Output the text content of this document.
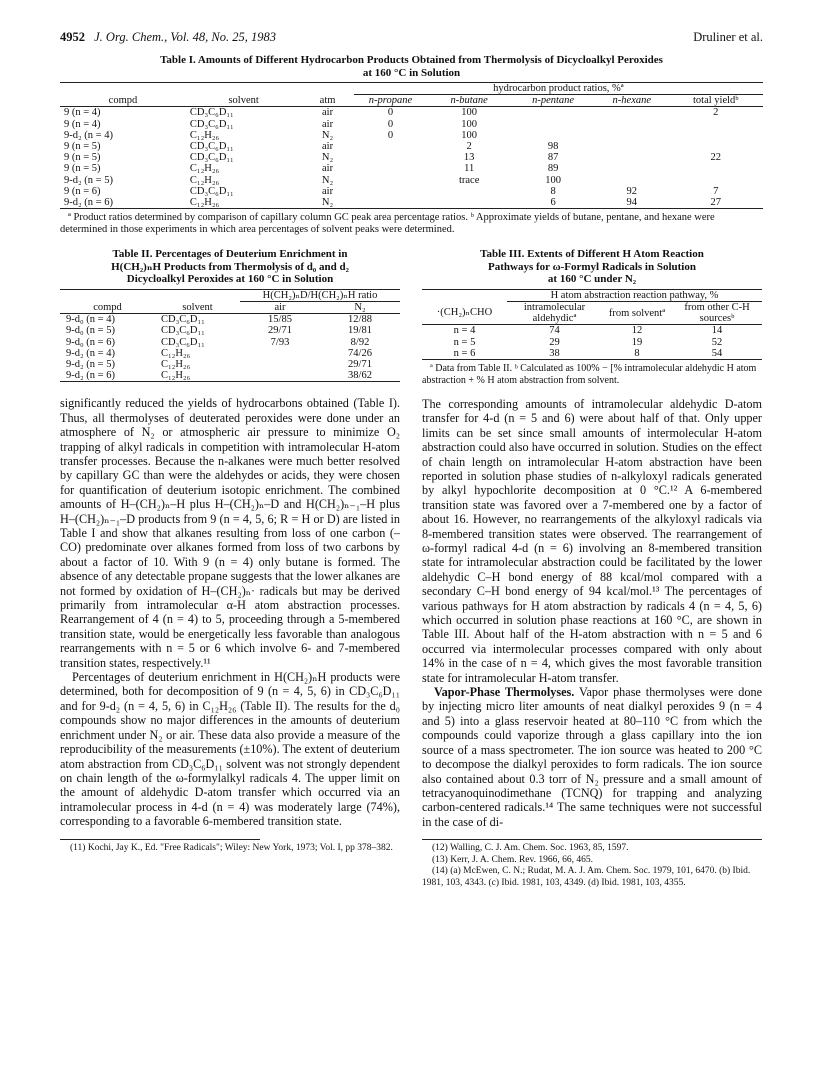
4952 J. Org. Chem., Vol. 48, No. 25, 1983	Druliner et al.
Table I. Amounts of Different Hydrocarbon Products Obtained from Thermolysis of Dicycloalkyl Peroxides
at 160 °C in Solution
			hydrocarbon product ratios, %ª				
compd	solvent	atm	n-propane	n-butane	n-pentane	n-hexane	total yieldᵇ
9 (n = 4)	CD₃C₆D₁₁	air	0	100			2
9 (n = 4)	CD₃C₆D₁₁	air	0	100			
9-d₂ (n = 4)	C₁₂H₂₆	N₂	0	100			
9 (n = 5)	CD₃C₆D₁₁	air		2	98		
9 (n = 5)	CD₃C₆D₁₁	N₂		13	87		22
9 (n = 5)	C₁₂H₂₆	air		11	89		
9-d₂ (n = 5)	C₁₂H₂₆	N₂		trace	100		
9 (n = 6)	CD₃C₆D₁₁	air			8	92	7
9-d₂ (n = 6)	C₁₂H₂₆	N₂			6	94	27
ª Product ratios determined by comparison of capillary column GC peak area percentage ratios. ᵇ Approximate yields of butane, pentane, and hexane were determined in those experiments in which area percentages of solvent peaks were determined.
Table II. Percentages of Deuterium Enrichment in
H(CH₂)ₙH Products from Thermolysis of d₀ and d₂
Dicycloalkyl Peroxides at 160 °C in Solution
		H(CH₂)ₙD/H(CH₂)ₙH ratio	
compd	solvent	air	N₂
9-d₀ (n = 4)	CD₃C₆D₁₁	15/85	12/88
9-d₀ (n = 5)	CD₃C₆D₁₁	29/71	19/81
9-d₀ (n = 6)	CD₃C₆D₁₁	7/93	8/92
9-d₂ (n = 4)	C₁₂H₂₆		74/26
9-d₂ (n = 5)	C₁₂H₂₆		29/71
9-d₂ (n = 6)	C₁₂H₂₆		38/62

significantly reduced the yields of hydrocarbons obtained (Table I). Thus, all thermolyses of deuterated peroxides were done under an atmosphere of N₂ or atmospheric air pressure to minimize O₂ trapping of alkyl radicals in competition with intramolecular H-atom transfer processes. Because the n-alkanes were much better resolved by capillary GC than were the aldehydes or acids, they were chosen for quantification of deuterium isotopic enrichment. The combined amounts of H–(CH₂)ₙ–H plus H–(CH₂)ₙ–D and H(CH₂)ₙ₋₁–H plus H–(CH₂)ₙ₋₁–D products from 9 (n = 4, 5, 6; R = H or D) are listed in Table I and show that alkanes resulting from loss of one carbon (–CO) predominate over alkanes formed from loss of two carbons by about a factor of 10. With 9 (n = 4) only butane is formed. The absence of any detectable propane suggests that the lower alkanes are not formed by oxidation of H–(CH₂)ₙ· radicals but may be derived primarily from intramolecular α-H atom abstraction processes. Rearrangement of 4 (n = 4) to 5, proceeding through a 5-membered transition state, would be energetically less favorable than analogous rearrangements with n = 5 or 6 which involve 6- and 7-membered transition states, respectively.¹¹

Percentages of deuterium enrichment in H(CH₂)ₙH products were determined, both for decomposition of 9 (n = 4, 5, 6) in CD₃C₆D₁₁ and for 9-d₂ (n = 4, 5, 6) in C₁₂H₂₆ (Table II). The results for the d₀ compounds show no major differences in the amounts of deuterium enrichment under N₂ or air. These data also provide a measure of the reproducibility of the measurements (±10%). The extent of deuterium atom abstraction from CD₃C₆D₁₁ solvent was not strongly dependent on chain length of the ω-formylalkyl radicals 4. The upper limit on the amount of aldehydic D-atom transfer which occurred via an intramolecular process in 4-d (n = 4) was moderately large (74%), corresponding to a favorable 6-membered transition state.

(11) Kochi, Jay K., Ed. "Free Radicals"; Wiley: New York, 1973; Vol. I, pp 378–382.
Table III. Extents of Different H Atom Reaction
Pathways for ω-Formyl Radicals in Solution
at 160 °C under N₂
	H atom abstraction reaction pathway, %		
·(CH₂)ₙCHO	intramolecular aldehydicª	from solventª	from other C-H sourcesᵇ
n = 4	74	12	14
n = 5	29	19	52
n = 6	38	8	54
ª Data from Table II. ᵇ Calculated as 100% − [% intramolecular aldehydic H atom abstraction + % H atom abstraction from solvent.

The corresponding amounts of intramolecular aldehydic D-atom transfer for 4-d (n = 5 and 6) were about half of that. Only upper limits can be set since small amounts of intermolecular H-atom abstraction could also have occurred in solution. Studies on the effect of chain length on intramolecular H-atom abstraction have been reported in solution phase studies of n-alkyloxyl radicals generated by alkyl hypochlorite decomposition at 0 °C.¹² A 6-membered transition state was favored over a 7-membered one by a factor of about 16. However, no rearrangements of the alkyloxyl radicals via 8-membered transition states were observed. The rearrangement of ω-formyl radical 4-d (n = 6) involving an 8-membered transition state for intramolecular abstraction could be facilitated by the lower aldehydic C–H bond energy of 88 kcal/mol compared with a secondary C–H bond energy of 94 kcal/mol.¹³ The percentages of various pathways for H atom abstraction by radicals 4 (n = 4, 5, 6) which occurred in solution phase reactions at 160 °C, are shown in Table III. About half of the H-atom abstraction with n = 5 and 6 occurred via intermolecular processes compared with only about 14% in the case of n = 4, which gives the most favorable transition state for intramolecular H-atom transfer.

Vapor-Phase Thermolyses. Vapor phase thermolyses were done by injecting micro liter amounts of neat dialkyl peroxides 9 (n = 4 and 5) into a glass reservoir heated at 80–110 °C from which the compounds could vaporize through a glass capillary into the ion source of a mass spectrometer. The ion source was heated to 200 °C to decompose the dialkyl peroxides to form radicals. The ion source also contained about 0.3 torr of N₂ pressure and a small amount of tetracyanoquinodimethane (TCNQ) for trapping and analyzing carbon-centered radicals.¹⁴ The same techniques were not successful in the case of di-

(12) Walling, C. J. Am. Chem. Soc. 1963, 85, 1597.
(13) Kerr, J. A. Chem. Rev. 1966, 66, 465.
(14) (a) McEwen, C. N.; Rudat, M. A. J. Am. Chem. Soc. 1979, 101, 6470. (b) Ibid. 1981, 103, 4343. (c) Ibid. 1981, 103, 4349. (d) Ibid. 1981, 103, 4355.
